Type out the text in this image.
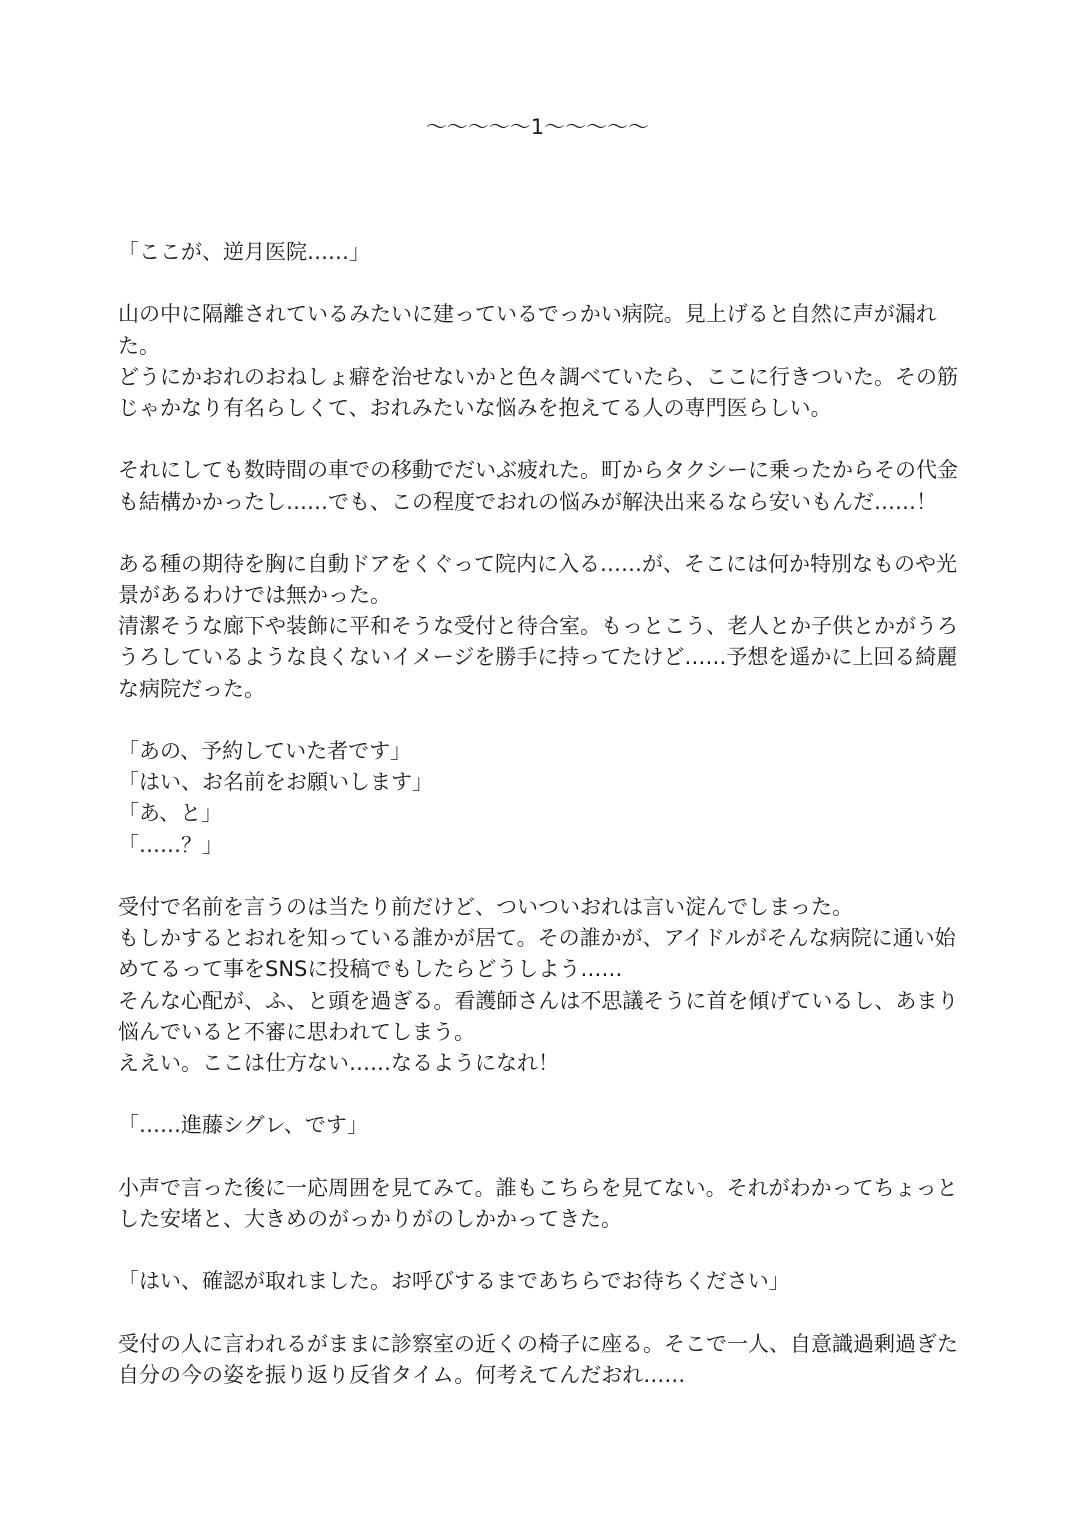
〜〜〜〜〜1〜〜〜〜〜
「ここが、逆月医院……」
山の中に隔離されているみたいに建っているでっかい病院。見上げると自然に声が漏れ
た。
どうにかおれのおねしょ癖を治せないかと色々調べていたら、ここに行きついた。その筋
じゃかなり有名らしくて、おれみたいな悩みを抱えてる人の専門医らしい。
それにしても数時間の車での移動でだいぶ疲れた。町からタクシーに乗ったからその代金
も結構かかったし……でも、この程度でおれの悩みが解決出来るなら安いもんだ……！
ある種の期待を胸に自動ドアをくぐって院内に入る……が、そこには何か特別なものや光
景があるわけでは無かった。
清潔そうな廊下や装飾に平和そうな受付と待合室。もっとこう、老人とか子供とかがうろ
うろしているような良くないイメージを勝手に持ってたけど……予想を遥かに上回る綺麗
な病院だった。
「あの、予約していた者です」
「はい、お名前をお願いします」
「あ、と」
「……？」
受付で名前を言うのは当たり前だけど、ついついおれは言い淀んでしまった。
もしかするとおれを知っている誰かが居て。その誰かが、アイドルがそんな病院に通い始
めてるって事をSNSに投稿でもしたらどうしよう……
そんな心配が、ふ、と頭を過ぎる。看護師さんは不思議そうに首を傾げているし、あまり
悩んでいると不審に思われてしまう。
ええい。ここは仕方ない……なるようになれ！
「……進藤シグレ、です」
小声で言った後に一応周囲を見てみて。誰もこちらを見てない。それがわかってちょっと
した安堵と、大きめのがっかりがのしかかってきた。
「はい、確認が取れました。お呼びするまであちらでお待ちください」
受付の人に言われるがままに診察室の近くの椅子に座る。そこで一人、自意識過剰過ぎた
自分の今の姿を振り返り反省タイム。何考えてんだおれ……
